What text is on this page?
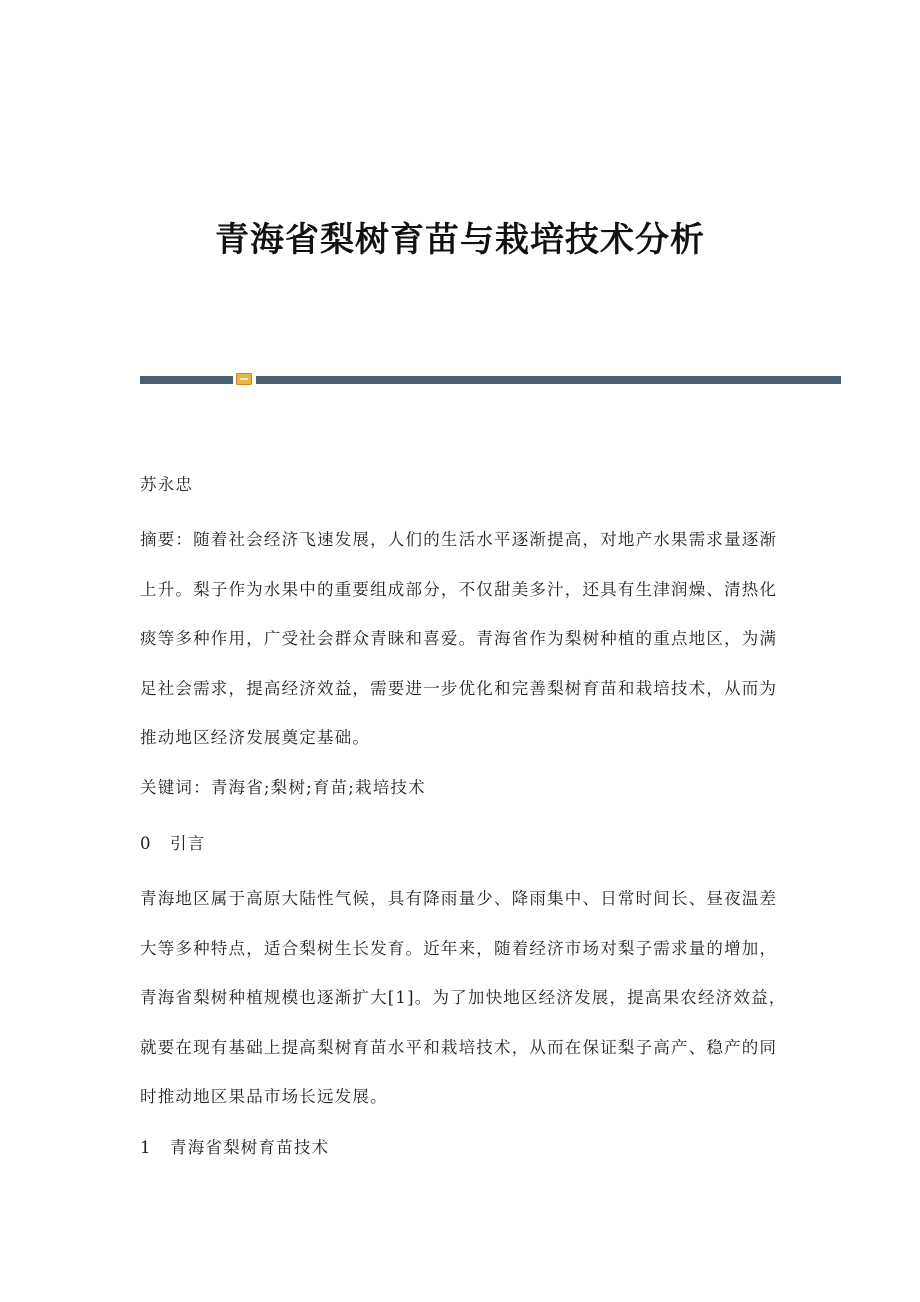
青海省梨树育苗与栽培技术分析
苏永忠
摘要：随着社会经济飞速发展，人们的生活水平逐渐提高，对地产水果需求量逐渐上升。梨子作为水果中的重要组成部分，不仅甜美多汁，还具有生津润燥、清热化痰等多种作用，广受社会群众青睐和喜爱。青海省作为梨树种植的重点地区，为满足社会需求，提高经济效益，需要进一步优化和完善梨树育苗和栽培技术，从而为推动地区经济发展奠定基础。
关键词：青海省;梨树;育苗;栽培技术
0 引言
青海地区属于高原大陆性气候，具有降雨量少、降雨集中、日常时间长、昼夜温差大等多种特点，适合梨树生长发育。近年来，随着经济市场对梨子需求量的增加，青海省梨树种植规模也逐渐扩大[1]。为了加快地区经济发展，提高果农经济效益，就要在现有基础上提高梨树育苗水平和栽培技术，从而在保证梨子高产、稳产的同时推动地区果品市场长远发展。
1 青海省梨树育苗技术
